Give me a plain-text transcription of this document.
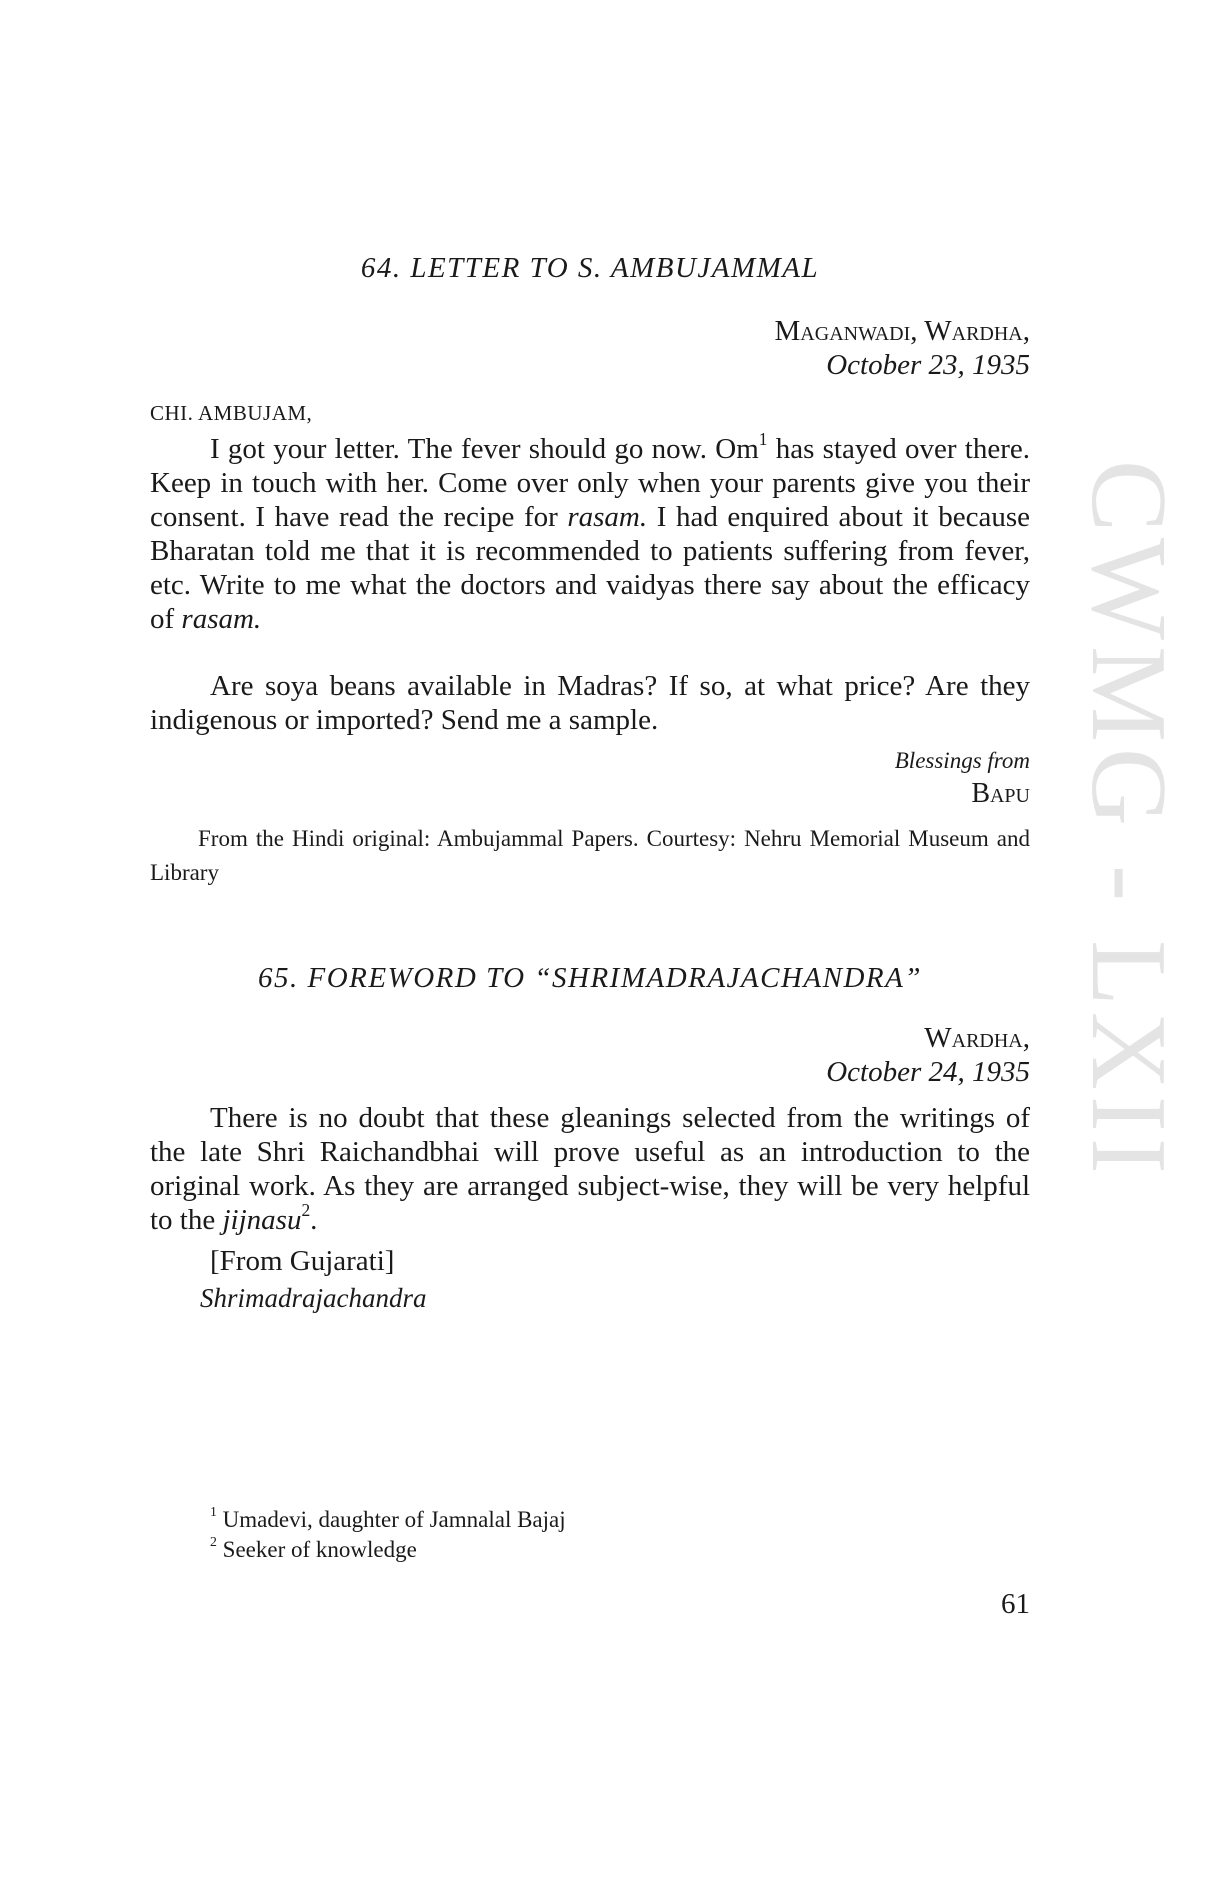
CWMG - LXII
64. LETTER TO S. AMBUJAMMAL
Maganwadi, Wardha,
October 23, 1935
CHI. AMBUJAM,
I got your letter. The fever should go now. Om$^1$ has stayed over there. Keep in touch with her. Come over only when your parents give you their consent. I have read the recipe for rasam. I had enquired about it because Bharatan told me that it is recommended to patients suffering from fever, etc. Write to me what the doctors and vaidyas there say about the efficacy of rasam.
Are soya beans available in Madras? If so, at what price? Are they indigenous or imported? Send me a sample.
Blessings from
Bapu
From the Hindi original: Ambujammal Papers. Courtesy: Nehru Memorial Museum and Library
65. FOREWORD TO “SHRIMADRAJACHANDRA”
Wardha,
October 24, 1935
There is no doubt that these gleanings selected from the writings of the late Shri Raichandbhai will prove useful as an introduction to the original work. As they are arranged subject-wise, they will be very helpful to the jijnasu$^2$.
[From Gujarati]
Shrimadrajachandra
$^1$ Umadevi, daughter of Jamnalal Bajaj
$^2$ Seeker of knowledge
61
